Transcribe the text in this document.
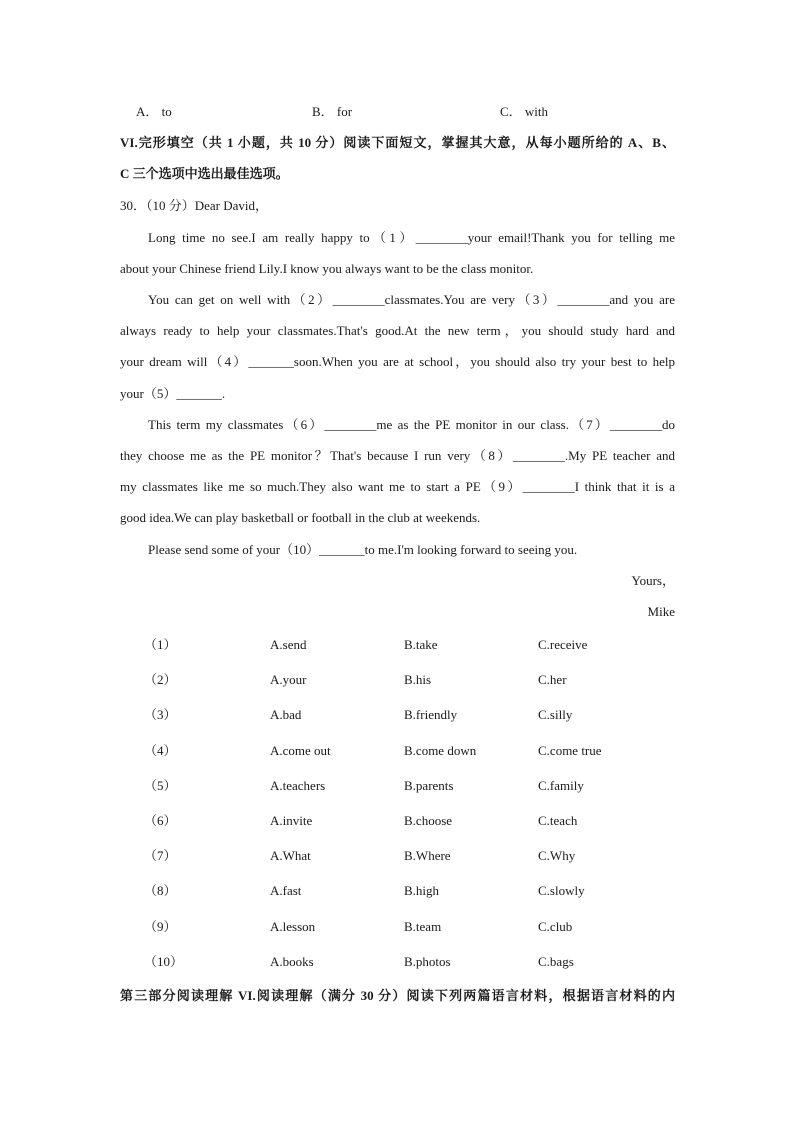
A． to	B． for	C． with
VI.完形填空（共 1 小题，共 10 分）阅读下面短文，掌握其大意，从每小题所给的 A、B、
C 三个选项中选出最佳选项。
30．（10 分）Dear David，
Long time no see.I am really happy to（1）________your email!Thank you for telling me
about your Chinese friend Lily.I know you always want to be the class monitor.
You can get on well with（2）________classmates.You are very（3）________and you are
always ready to help your classmates.That's good.At the new term，you should study hard and
your dream will（4）_______soon.When you are at school，you should also try your best to help
your（5）_______.
This term my classmates（6）________me as the PE monitor in our class.（7）________do
they choose me as the PE monitor？That's because I run very（8）________.My PE teacher and
my classmates like me so much.They also want me to start a PE（9）________I think that it is a
good idea.We can play basketball or football in the club at weekends.
Please send some of your（10）_______to me.I'm looking forward to seeing you.
Yours，
Mike
（1）	A.send	B.take	C.receive
（2）	A.your	B.his	C.her
（3）	A.bad	B.friendly	C.silly
（4）	A.come out	B.come down	C.come true
（5）	A.teachers	B.parents	C.family
（6）	A.invite	B.choose	C.teach
（7）	A.What	B.Where	C.Why
（8）	A.fast	B.high	C.slowly
（9）	A.lesson	B.team	C.club
（10）	A.books	B.photos	C.bags
第三部分阅读理解 VI.阅读理解（满分 30 分）阅读下列两篇语言材料，根据语言材料的内
